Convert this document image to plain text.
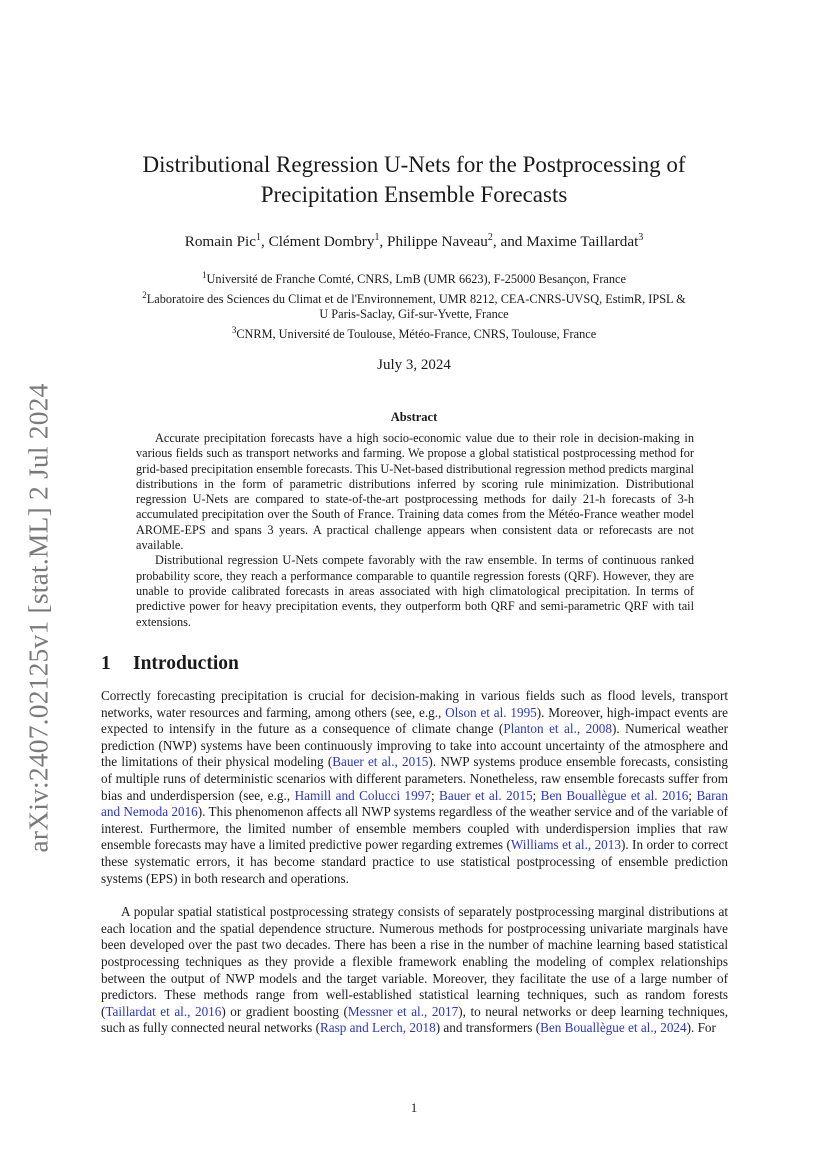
arXiv:2407.02125v1 [stat.ML] 2 Jul 2024
Distributional Regression U-Nets for the Postprocessing of
Precipitation Ensemble Forecasts
Romain Pic$^1$, Clément Dombry$^1$, Philippe Naveau$^2$, and Maxime Taillardat$^3$
$^1$Université de Franche Comté, CNRS, LmB (UMR 6623), F-25000 Besançon, France
$^2$Laboratoire des Sciences du Climat et de l'Environnement, UMR 8212, CEA-CNRS-UVSQ, EstimR, IPSL &
U Paris-Saclay, Gif-sur-Yvette, France
$^3$CNRM, Université de Toulouse, Météo-France, CNRS, Toulouse, France
July 3, 2024
Abstract

Accurate precipitation forecasts have a high socio-economic value due to their role in decision-making in various fields such as transport networks and farming. We propose a global statistical postprocessing method for grid-based precipitation ensemble forecasts. This U-Net-based distributional regression method predicts marginal distributions in the form of parametric distributions inferred by scoring rule minimization. Distributional regression U-Nets are compared to state-of-the-art postprocessing methods for daily 21-h forecasts of 3-h accumulated precipitation over the South of France. Training data comes from the Météo-France weather model AROME-EPS and spans 3 years. A practical challenge appears when consistent data or reforecasts are not available.

Distributional regression U-Nets compete favorably with the raw ensemble. In terms of continuous ranked probability score, they reach a performance comparable to quantile regression forests (QRF). However, they are unable to provide calibrated forecasts in areas associated with high climatological precipitation. In terms of predictive power for heavy precipitation events, they outperform both QRF and semi-parametric QRF with tail extensions.

1 Introduction

Correctly forecasting precipitation is crucial for decision-making in various fields such as flood levels, transport networks, water resources and farming, among others (see, e.g., Olson et al. 1995). Moreover, high-impact events are expected to intensify in the future as a consequence of climate change (Planton et al., 2008). Numerical weather prediction (NWP) systems have been continuously improving to take into account uncertainty of the atmosphere and the limitations of their physical modeling (Bauer et al., 2015). NWP systems produce ensemble forecasts, consisting of multiple runs of deterministic scenarios with different parameters. Nonetheless, raw ensemble forecasts suffer from bias and underdispersion (see, e.g., Hamill and Colucci 1997; Bauer et al. 2015; Ben Bouallègue et al. 2016; Baran and Nemoda 2016). This phenomenon affects all NWP systems regardless of the weather service and of the variable of interest. Furthermore, the limited number of ensemble members coupled with underdispersion implies that raw ensemble forecasts may have a limited predictive power regarding extremes (Williams et al., 2013). In order to correct these systematic errors, it has become standard practice to use statistical postprocessing of ensemble prediction systems (EPS) in both research and operations.

A popular spatial statistical postprocessing strategy consists of separately postprocessing marginal distributions at each location and the spatial dependence structure. Numerous methods for postprocessing univariate marginals have been developed over the past two decades. There has been a rise in the number of machine learning based statistical postprocessing techniques as they provide a flexible framework enabling the modeling of complex relationships between the output of NWP models and the target variable. Moreover, they facilitate the use of a large number of predictors. These methods range from well-established statistical learning techniques, such as random forests (Taillardat et al., 2016) or gradient boosting (Messner et al., 2017), to neural networks or deep learning techniques, such as fully connected neural networks (Rasp and Lerch, 2018) and transformers (Ben Bouallègue et al., 2024). For

1
